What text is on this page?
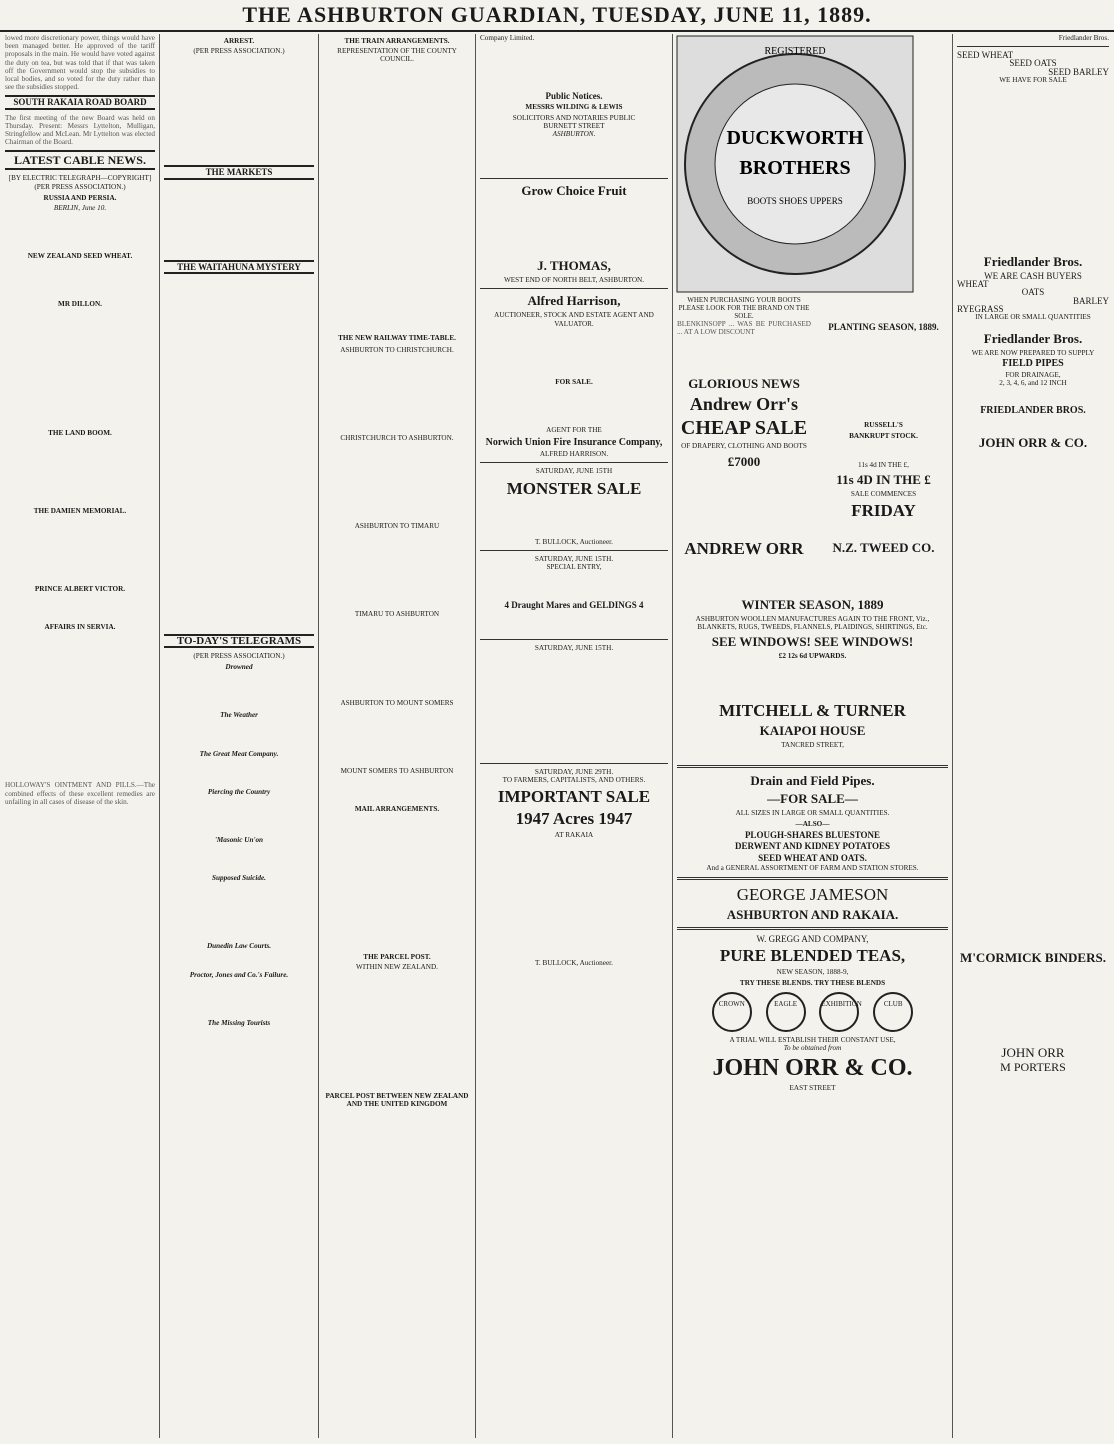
THE ASHBURTON GUARDIAN, TUESDAY, JUNE 11, 1889.
lowed more discretionary power, things would have been managed better. He approved of the tariff proposals in the main. He would have voted against the duty on tea, but was told that if that was taken off the Government would stop the subsidies to local bodies, and so voted for the duty rather than see the subsidies stopped.
SOUTH RAKAIA ROAD BOARD
The first meeting of the new Board was held on Thursday. Present: Messrs Lyttelton, Mulligan, Stringfellow and McLean. Mr Lyttelton was elected Chairman of the Board.
LATEST CABLE NEWS.
[BY ELECTRIC TELEGRAPH—COPYRIGHT]
(PER PRESS ASSOCIATION.)
RUSSIA AND PERSIA.
BERLIN, June 10.
NEW ZEALAND SEED WHEAT.
MR DILLON.
THE LAND BOOM.
THE DAMIEN MEMORIAL.
PRINCE ALBERT VICTOR.
AFFAIRS IN SERVIA.
HOLLOWAY'S OINTMENT AND PILLS.—The combined effects of these excellent remedies are unfailing in all cases of disease of the skin.
ARREST.
(PER PRESS ASSOCIATION.)
THE MARKETS
THE WAITAHUNA MYSTERY
TO-DAY'S TELEGRAMS
(PER PRESS ASSOCIATION.)
Drowned
The Weather
The Great Meat Company.
Piercing the Country
'Masonic Un'on
Supposed Suicide.
Dunedin Law Courts.
Proctor, Jones and Co.'s Failure.
The Missing Tourists
THE TRAIN ARRANGEMENTS.
REPRESENTATION OF THE COUNTY COUNCIL.
THE NEW RAILWAY TIME-TABLE.
ASHBURTON TO CHRISTCHURCH.
CHRISTCHURCH TO ASHBURTON.
ASHBURTON TO TIMARU
TIMARU TO ASHBURTON
ASHBURTON TO MOUNT SOMERS
MOUNT SOMERS TO ASHBURTON
MAIL ARRANGEMENTS.
THE PARCEL POST.
WITHIN NEW ZEALAND.
PARCEL POST BETWEEN NEW ZEALAND AND THE UNITED KINGDOM
Company Limited.
Public Notices.
MESSRS WILDING & LEWIS
SOLICITORS AND NOTARIES PUBLIC
BURNETT STREET
ASHBURTON.
Grow Choice Fruit
J. THOMAS,
WEST END OF NORTH BELT, ASHBURTON.
Alfred Harrison,
AUCTIONEER, STOCK AND ESTATE AGENT AND VALUATOR.
FOR SALE.
AGENT FOR THE
Norwich Union Fire Insurance Company,
ALFRED HARRISON.
SATURDAY, JUNE 15TH
MONSTER SALE
T. BULLOCK, Auctioneer.
SATURDAY, JUNE 15TH.
SPECIAL ENTRY,
4 Draught Mares and GELDINGS 4
SATURDAY, JUNE 15TH.
SATURDAY, JUNE 29TH.
TO FARMERS, CAPITALISTS, AND OTHERS.
IMPORTANT SALE
1947 Acres 1947
AT RAKAIA
T. BULLOCK, Auctioneer.
REGISTERED
DUCKWORTH
BROTHERS
BOOTS SHOES UPPERS
WHEN PURCHASING YOUR BOOTS PLEASE LOOK FOR THE BRAND ON THE SOLE.
BLENKINSOPP ... WAS BE PURCHASED ... AT A LOW DISCOUNT
GLORIOUS NEWS
Andrew Orr's
CHEAP SALE
OF DRAPERY, CLOTHING AND BOOTS
£7000
ANDREW ORR
PLANTING SEASON, 1889.
RUSSELL'S
BANKRUPT STOCK.
11s 4d IN THE £,
11s 4D IN THE £
SALE COMMENCES
FRIDAY
N.Z. TWEED CO.
WINTER SEASON, 1889
ASHBURTON WOOLLEN MANUFACTURES AGAIN TO THE FRONT, Viz.,
BLANKETS, RUGS, TWEEDS, FLANNELS, PLAIDINGS, SHIRTINGS, Etc.
SEE WINDOWS! SEE WINDOWS!
£2 12s 6d UPWARDS.
MITCHELL & TURNER
KAIAPOI HOUSE
TANCRED STREET,
Drain and Field Pipes.
—FOR SALE—
ALL SIZES IN LARGE OR SMALL QUANTITIES.
—ALSO—
PLOUGH-SHARES BLUESTONE
DERWENT AND KIDNEY POTATOES
SEED WHEAT AND OATS.
And a GENERAL ASSORTMENT OF FARM AND STATION STORES.
GEORGE JAMESON
ASHBURTON AND RAKAIA.
W. GREGG AND COMPANY,
PURE BLENDED TEAS,
NEW SEASON, 1888-9,
TRY THESE BLENDS. TRY THESE BLENDS
CROWN	EAGLE	EXHIBITION	CLUB
A TRIAL WILL ESTABLISH THEIR CONSTANT USE,
To be obtained from
JOHN ORR & CO.
EAST STREET
Friedlander Bros.
SEED WHEAT
SEED OATS
SEED BARLEY
WE HAVE FOR SALE
Friedlander Bros.
WE ARE CASH BUYERS
WHEAT
OATS
BARLEY
RYEGRASS
IN LARGE OR SMALL QUANTITIES
Friedlander Bros.
WE ARE NOW PREPARED TO SUPPLY
FIELD PIPES
FOR DRAINAGE,
2, 3, 4, 6, and 12 INCH
FRIEDLANDER BROS.
JOHN ORR & CO.
M'CORMICK BINDERS.
JOHN ORR
M PORTERS
